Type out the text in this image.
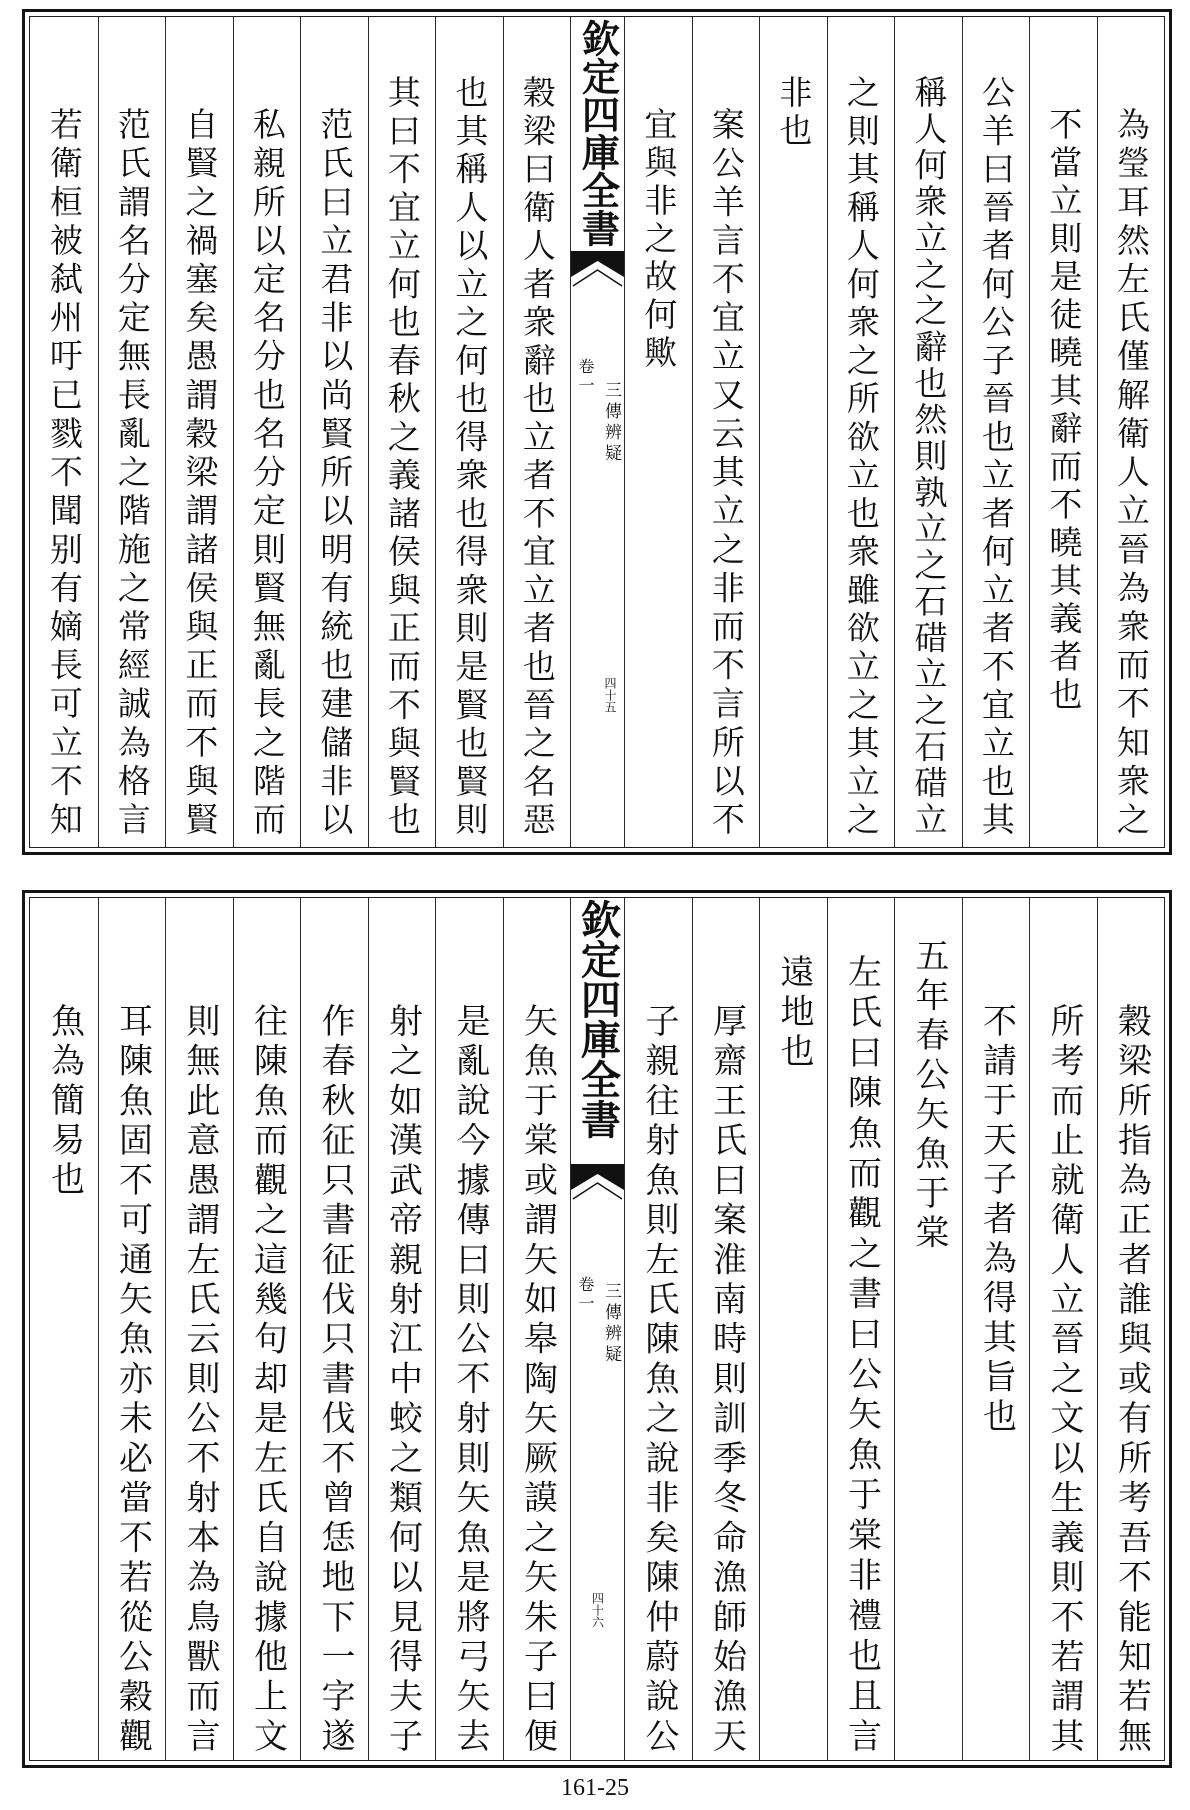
為瑩耳然左氏僅解衛人立晉為衆而不知衆之
不當立則是徒曉其辭而不曉其義者也
公羊曰晉者何公子晉也立者何立者不宜立也其
稱人何衆立之之辭也然則孰立之石碏立之石碏立
之則其稱人何衆之所欲立也衆雖欲立之其立之
非也
案公羊言不宜立又云其立之非而不言所以不
宜與非之故何歟
欽定四庫全書
三傳辨疑
卷一
四十五
穀梁曰衛人者衆辭也立者不宜立者也晉之名惡
也其稱人以立之何也得衆也得衆則是賢也賢則
其曰不宜立何也春秋之義諸侯與正而不與賢也
范氏曰立君非以尚賢所以明有統也建儲非以
私親所以定名分也名分定則賢無亂長之階而
自賢之禍塞矣愚謂穀梁謂諸侯與正而不與賢
范氏謂名分定無長亂之階施之常經誠為格言
若衛桓被弑州吁已戮不聞别有嫡長可立不知
穀梁所指為正者誰與或有所考吾不能知若無
所考而止就衛人立晉之文以生義則不若謂其
不請于天子者為得其旨也
五年春公矢魚于棠
左氏曰陳魚而觀之書曰公矢魚于棠非禮也且言
遠地也
厚齋王氏曰案淮南時則訓季冬命漁師始漁天
子親往射魚則左氏陳魚之說非矣陳仲蔚說公
欽定四庫全書
三傳辨疑
卷一
四十六
矢魚于棠或謂矢如皋陶矢厥謨之矢朱子曰便
是亂說今據傳曰則公不射則矢魚是將弓矢去
射之如漢武帝親射江中蛟之類何以見得夫子
作春秋征只書征伐只書伐不曾恁地下一字遂
往陳魚而觀之這幾句却是左氏自說據他上文
則無此意愚謂左氏云則公不射本為鳥獸而言
耳陳魚固不可通矢魚亦未必當不若從公穀觀
魚為簡易也
161-25
